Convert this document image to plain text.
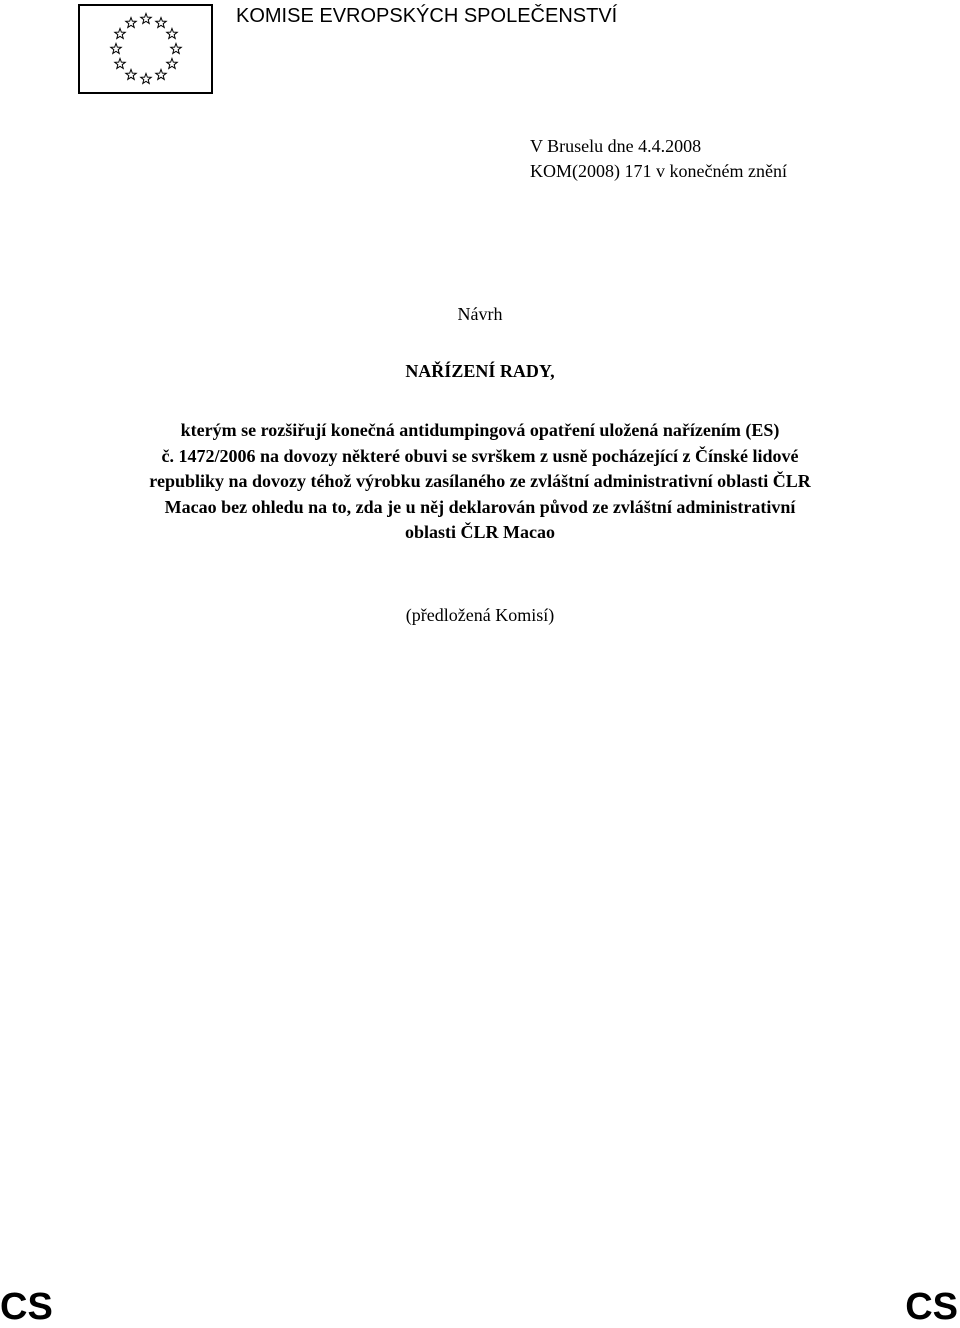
KOMISE EVROPSKÝCH SPOLEČENSTVÍ
V Bruselu dne 4.4.2008
KOM(2008) 171 v konečném znění
Návrh
NAŘÍZENÍ RADY,
kterým se rozšiřují konečná antidumpingová opatření uložená nařízením (ES)
č. 1472/2006 na dovozy některé obuvi se svrškem z usně pocházející z Čínské lidové
republiky na dovozy téhož výrobku zasílaného ze zvláštní administrativní oblasti ČLR
Macao bez ohledu na to, zda je u něj deklarován původ ze zvláštní administrativní
oblasti ČLR Macao
(předložená Komisí)
CS	CS
